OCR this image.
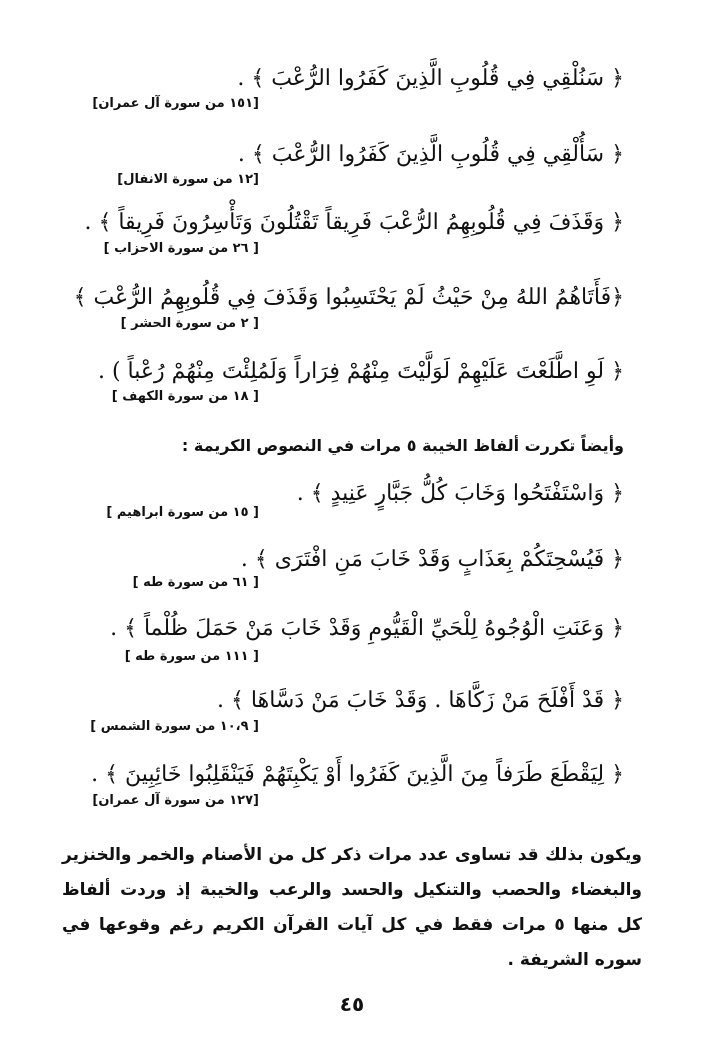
﴿ سَنُلْقِي فِي قُلُوبِ الَّذِينَ كَفَرُوا الرُّعْبَ ﴾ .
[١٥١ من سورة آل عمران]
﴿ سَأُلْقِي فِي قُلُوبِ الَّذِينَ كَفَرُوا الرُّعْبَ ﴾ .
[١٢ من سورة الانفال]
﴿ وَقَذَفَ فِي قُلُوبِهِمُ الرُّعْبَ فَرِيقاً تَقْتُلُونَ وَتَأْسِرُونَ فَرِيقاً ﴾ .
[ ٢٦ من سورة الاحزاب ]
﴿فَأَتَاهُمُ اللهُ مِنْ حَيْثُ لَمْ يَحْتَسِبُوا وَقَذَفَ فِي قُلُوبِهِمُ الرُّعْبَ ﴾
[ ٢ من سورة الحشر ]
﴿ لَوِ اطَّلَعْتَ عَلَيْهِمْ لَوَلَّيْتَ مِنْهُمْ فِرَاراً وَلَمُلِئْتَ مِنْهُمْ رُعْباً ) .
[ ١٨ من سورة الكهف ]
وأيضاً تكررت ألفاظ الخيبة ٥ مرات في النصوص الكريمة :
﴿ وَاسْتَفْتَحُوا وَخَابَ كُلُّ جَبَّارٍ عَنِيدٍ ﴾ .
[ ١٥ من سورة ابراهيم ]
﴿ فَيُسْحِتَكُمْ بِعَذَابٍ وَقَدْ خَابَ مَنِ افْتَرَى ﴾ .
[ ٦١ من سورة طه ]
﴿ وَعَنَتِ الْوُجُوهُ لِلْحَيِّ الْقَيُّومِ وَقَدْ خَابَ مَنْ حَمَلَ ظُلْماً ﴾ .
[ ١١١ من سورة طه ]
﴿ قَدْ أَفْلَحَ مَنْ زَكَّاهَا . وَقَدْ خَابَ مَنْ دَسَّاهَا ﴾ .
[ ١٠،٩ من سورة الشمس ]
﴿ لِيَقْطَعَ طَرَفاً مِنَ الَّذِينَ كَفَرُوا أَوْ يَكْبِتَهُمْ فَيَنْقَلِبُوا خَائِبِينَ ﴾ .
[١٢٧ من سورة آل عمران]
ويكون بذلك قد تساوى عدد مرات ذكر كل من الأصنام والخمر والخنزير والبغضاء والحصب والتنكيل والحسد والرعب والخيبة إذ وردت ألفاظ كل منها ٥ مرات فقط في كل آيات القرآن الكريم رغم وقوعها في سوره الشريفة .
٤٥
